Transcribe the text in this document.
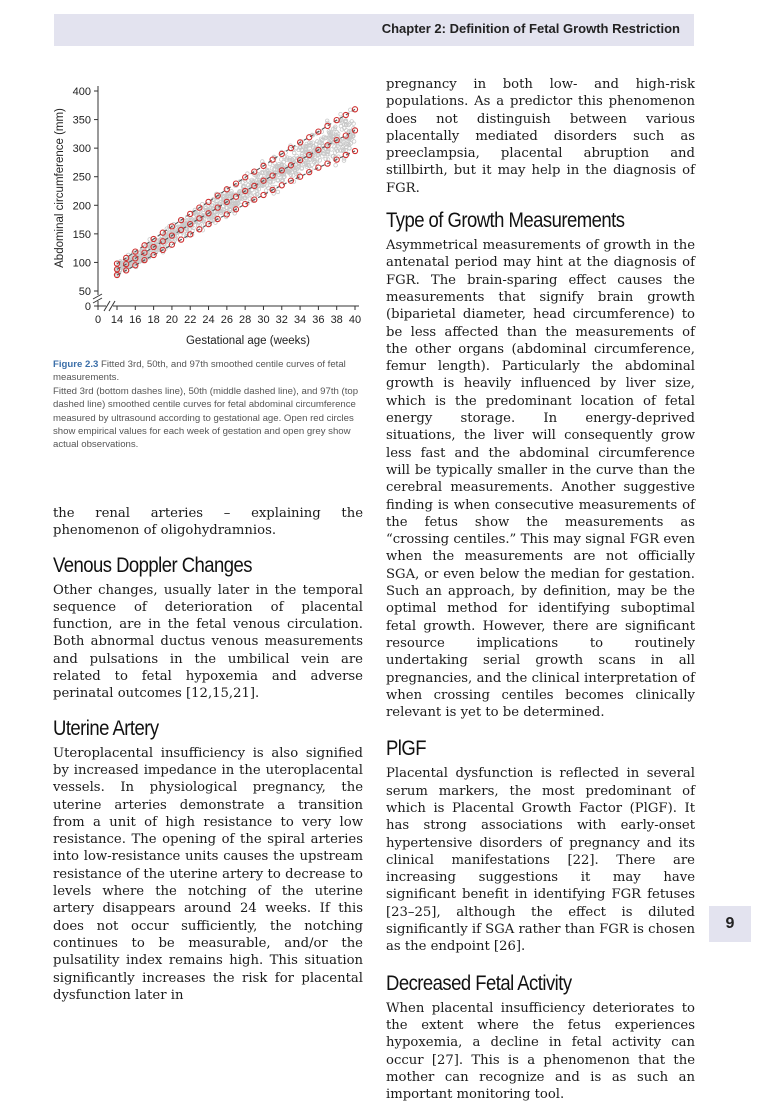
Chapter 2: Definition of Fetal Growth Restriction
0
50
100
150
200
250
300
350
400
0 14 16 18 20 22 24 26 28 30 32 34 36 38 40
Gestational age (weeks)
Abdominal circumference (mm)
Figure 2.3 Fitted 3rd, 50th, and 97th smoothed centile curves of fetal measurements.
Fitted 3rd (bottom dashes line), 50th (middle dashed line), and 97th (top dashed line) smoothed centile curves for fetal abdominal circumference measured by ultrasound according to gestational age. Open red circles show empirical values for each week of gestation and open grey show actual observations.

the renal arteries – explaining the phenomenon of oligohydramnios.

Venous Doppler Changes

Other changes, usually later in the temporal sequence of deterioration of placental function, are in the fetal venous circulation. Both abnormal ductus venous measurements and pulsations in the umbilical vein are related to fetal hypoxemia and adverse perinatal outcomes [12,15,21].

Uterine Artery

Uteroplacental insufficiency is also signified by increased impedance in the uteroplacental vessels. In physiological pregnancy, the uterine arteries demonstrate a transition from a unit of high resistance to very low resistance. The opening of the spiral arteries into low-resistance units causes the upstream resistance of the uterine artery to decrease to levels where the notching of the uterine artery disappears around 24 weeks. If this does not occur sufficiently, the notching continues to be measurable, and/or the pulsatility index remains high. This situation significantly increases the risk for placental dysfunction later in

pregnancy in both low- and high-risk populations. As a predictor this phenomenon does not distinguish between various placentally mediated disorders such as preeclampsia, placental abruption and stillbirth, but it may help in the diagnosis of FGR.

Type of Growth Measurements

Asymmetrical measurements of growth in the antenatal period may hint at the diagnosis of FGR. The brain-sparing effect causes the measurements that signify brain growth (biparietal diameter, head circumference) to be less affected than the measurements of the other organs (abdominal circumference, femur length). Particularly the abdominal growth is heavily influenced by liver size, which is the predominant location of fetal energy storage. In energy-deprived situations, the liver will consequently grow less fast and the abdominal circumference will be typically smaller in the curve than the cerebral measurements. Another suggestive finding is when consecutive measurements of the fetus show the measurements as “crossing centiles.” This may signal FGR even when the measurements are not officially SGA, or even below the median for gestation. Such an approach, by definition, may be the optimal method for identifying suboptimal fetal growth. However, there are significant resource implications to routinely undertaking serial growth scans in all pregnancies, and the clinical interpretation of when crossing centiles becomes clinically relevant is yet to be determined.

PlGF

Placental dysfunction is reflected in several serum markers, the most predominant of which is Placental Growth Factor (PlGF). It has strong associations with early-onset hypertensive disorders of pregnancy and its clinical manifestations [22]. There are increasing suggestions it may have significant benefit in identifying FGR fetuses [23–25], although the effect is diluted significantly if SGA rather than FGR is chosen as the endpoint [26].

Decreased Fetal Activity

When placental insufficiency deteriorates to the extent where the fetus experiences hypoxemia, a decline in fetal activity can occur [27]. This is a phenomenon that the mother can recognize and is as such an important monitoring tool.

9
